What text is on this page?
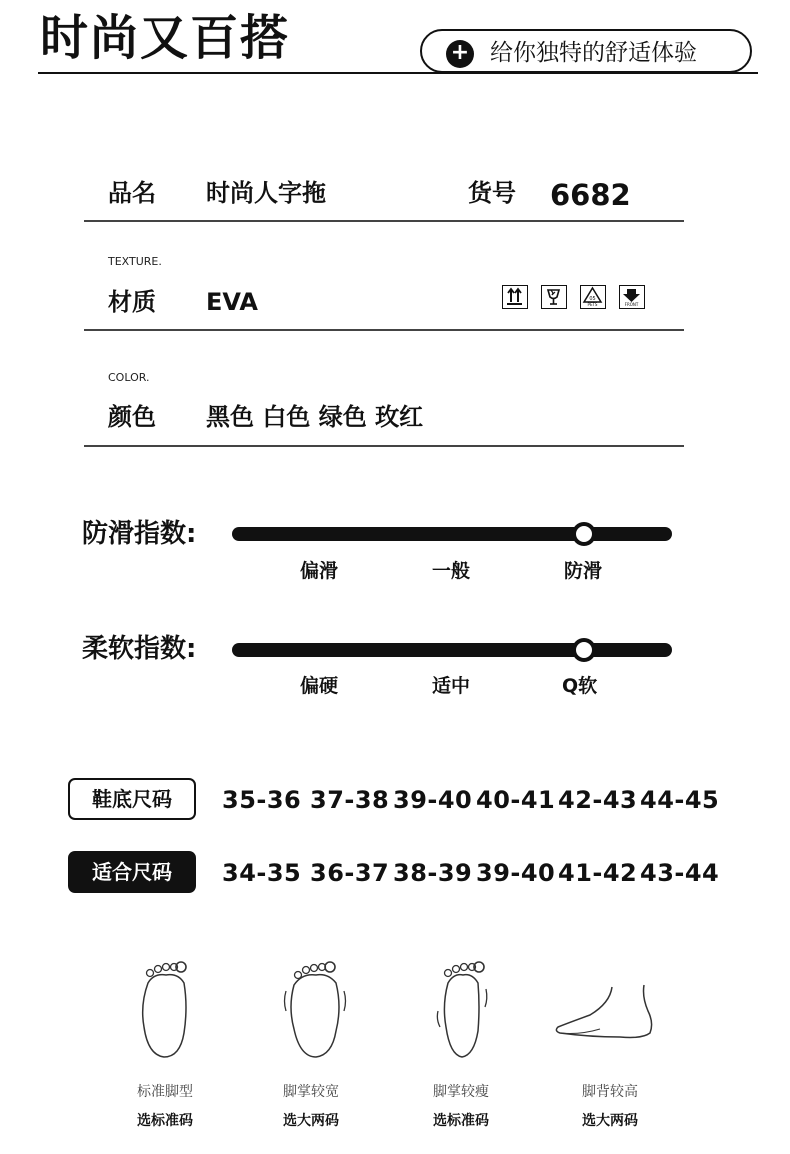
时尚又百搭	+ 给你独特的舒适体验
品名 时尚人字拖	货号 6682
TEXTURE.
材质 EVA	05
PETS	FRONT
COLOR.
颜色 黑色 白色 绿色 玫红
防滑指数:
偏滑	一般	防滑
柔软指数:
偏硬	适中	Q软
鞋底尺码	35-36 37-38 39-40 40-41 42-43 44-45
适合尺码	34-35 36-37 38-39 39-40 41-42 43-44
标准脚型
选标准码
脚掌较宽
选大两码
脚掌较瘦
选标准码
脚背较高
选大两码
